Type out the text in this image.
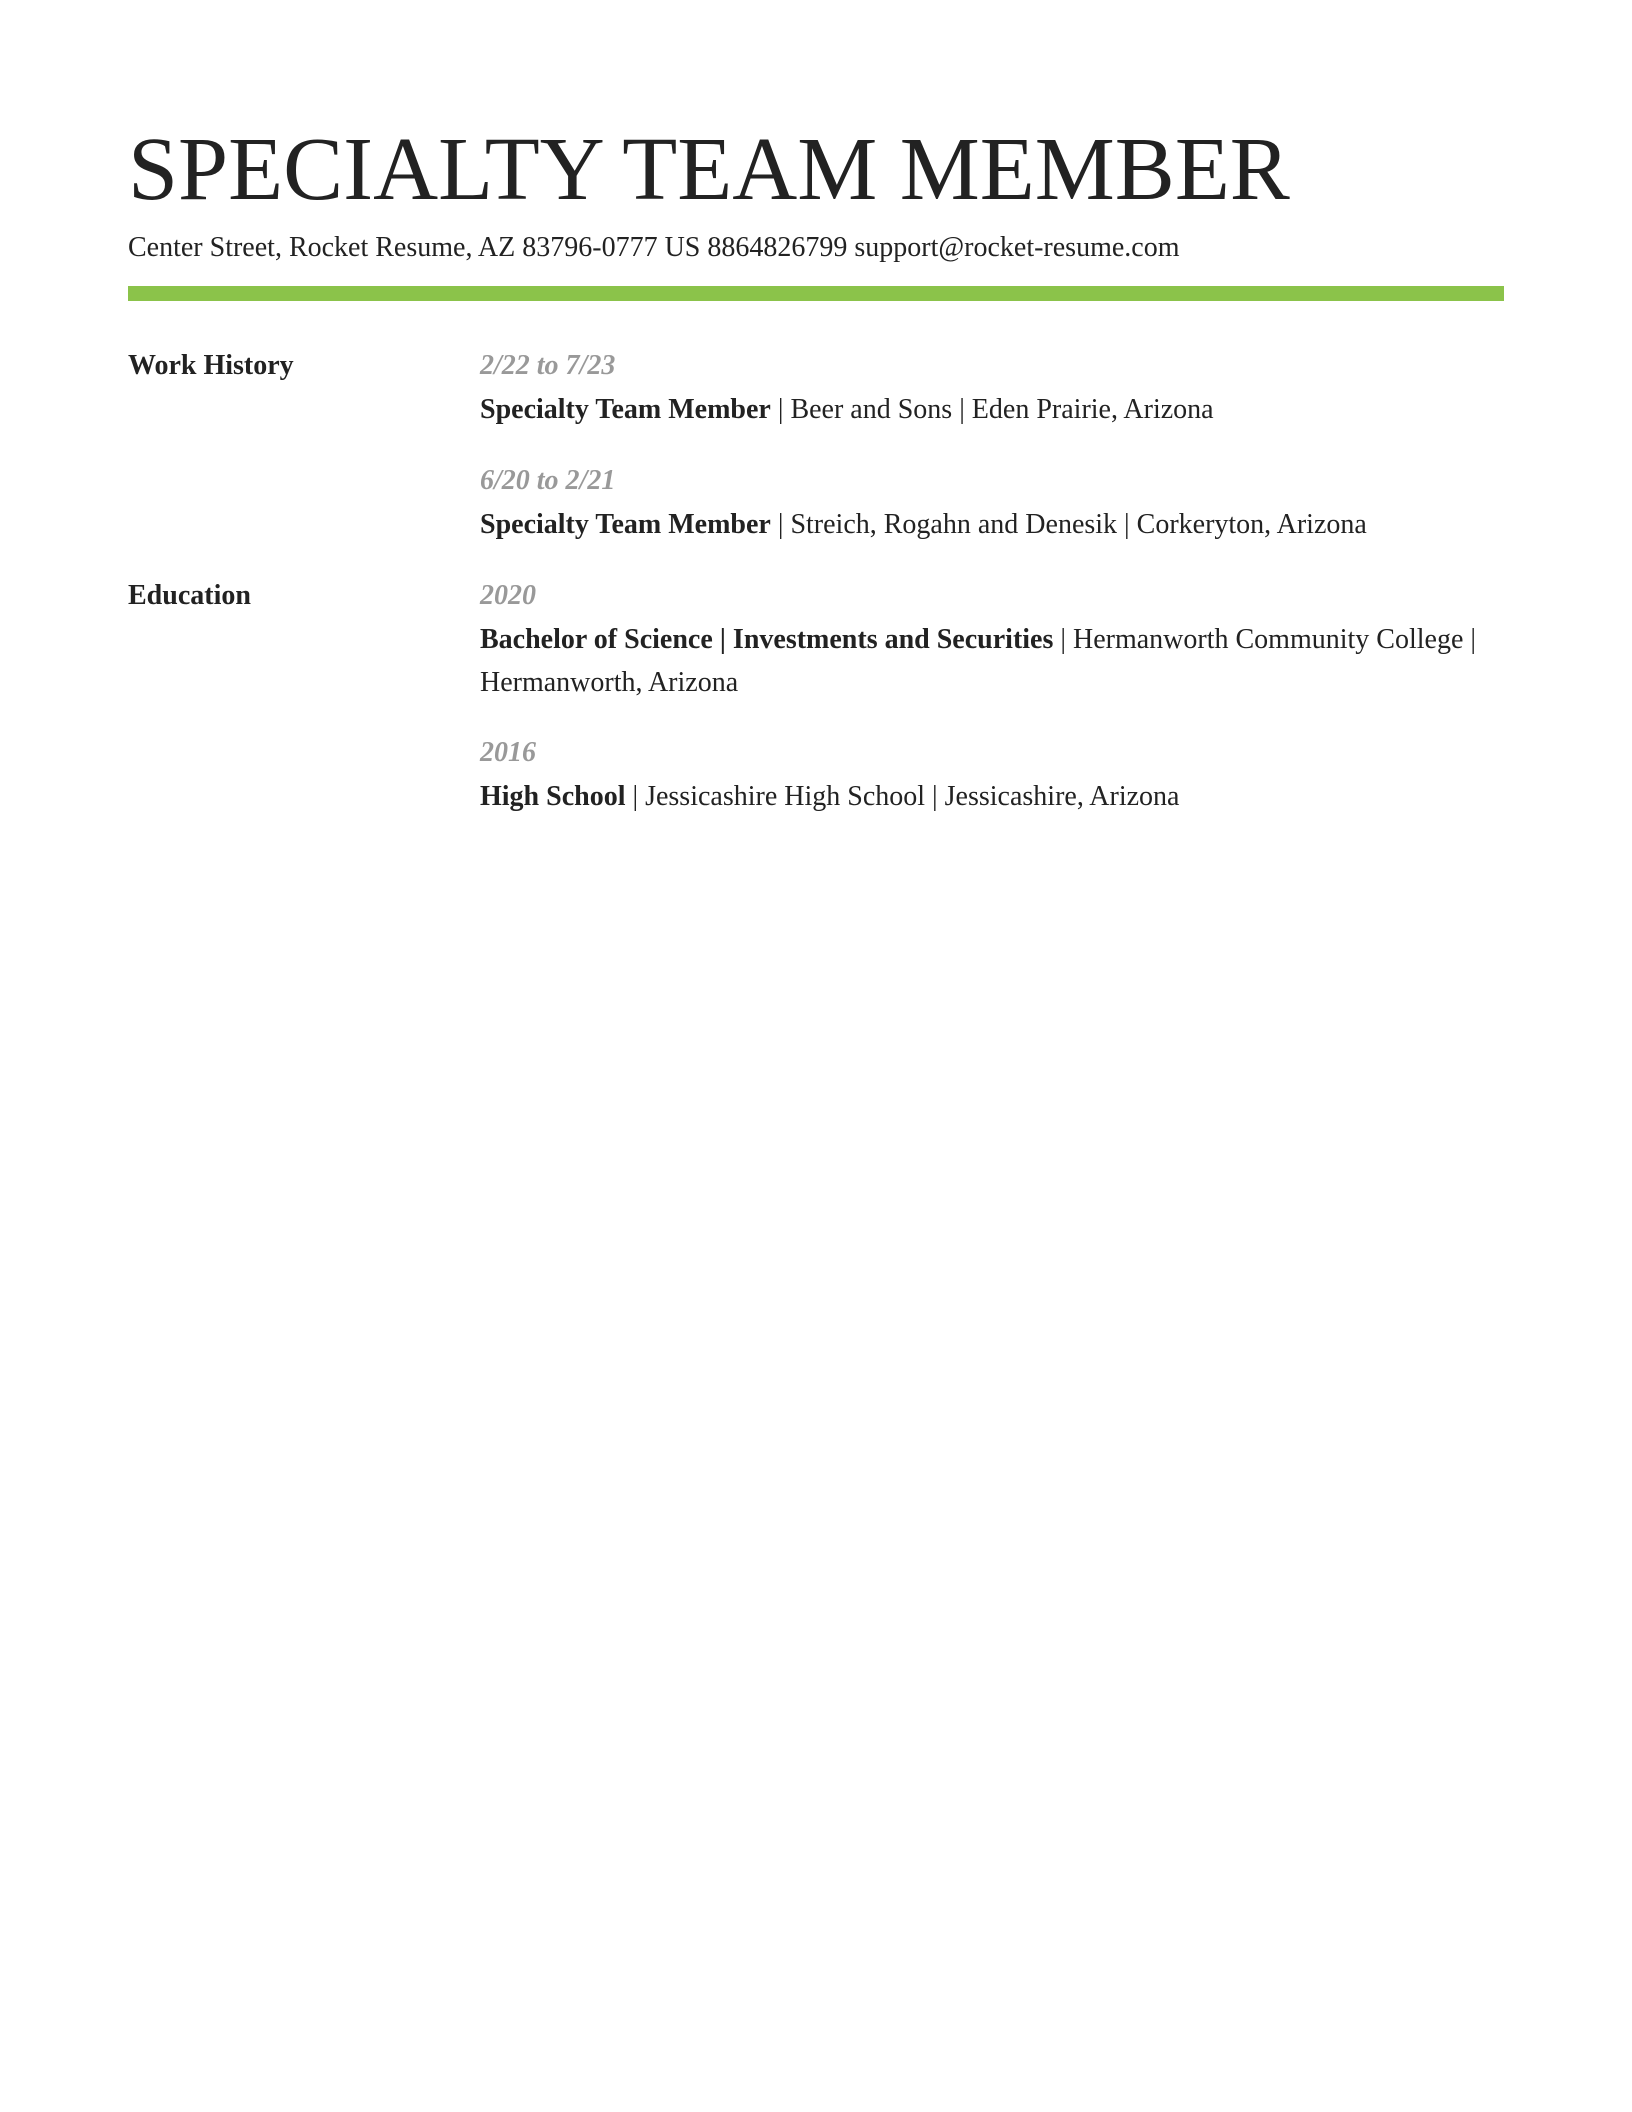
SPECIALTY TEAM MEMBER
Center Street, Rocket Resume, AZ 83796-0777 US 8864826799 support@rocket-resume.com
Work History	2/22 to 7/23
Specialty Team Member | Beer and Sons | Eden Prairie, Arizona
6/20 to 2/21
Specialty Team Member | Streich, Rogahn and Denesik | Corkeryton, Arizona
Education	2020
Bachelor of Science | Investments and Securities | Hermanworth Community College | Hermanworth, Arizona
2016
High School | Jessicashire High School | Jessicashire, Arizona
